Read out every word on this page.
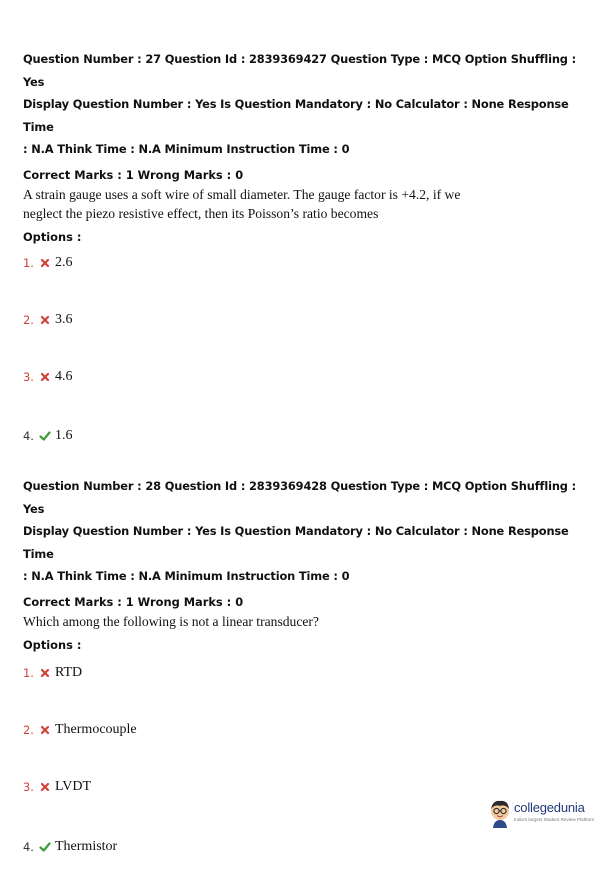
Question Number : 27 Question Id : 2839369427 Question Type : MCQ Option Shuffling : Yes
Display Question Number : Yes Is Question Mandatory : No Calculator : None Response Time
: N.A Think Time : N.A Minimum Instruction Time : 0
Correct Marks : 1 Wrong Marks : 0
A strain gauge uses a soft wire of small diameter. The gauge factor is +4.2, if we neglect the piezo resistive effect, then its Poisson’s ratio becomes
Options :
1. 2.6
2. 3.6
3. 4.6
4. 1.6
Question Number : 28 Question Id : 2839369428 Question Type : MCQ Option Shuffling : Yes
Display Question Number : Yes Is Question Mandatory : No Calculator : None Response Time
: N.A Think Time : N.A Minimum Instruction Time : 0
Correct Marks : 1 Wrong Marks : 0
Which among the following is not a linear transducer?
Options :
1. RTD
2. Thermocouple
3. LVDT
4. Thermistor
collegedunia
India's largest Student Review Platform
